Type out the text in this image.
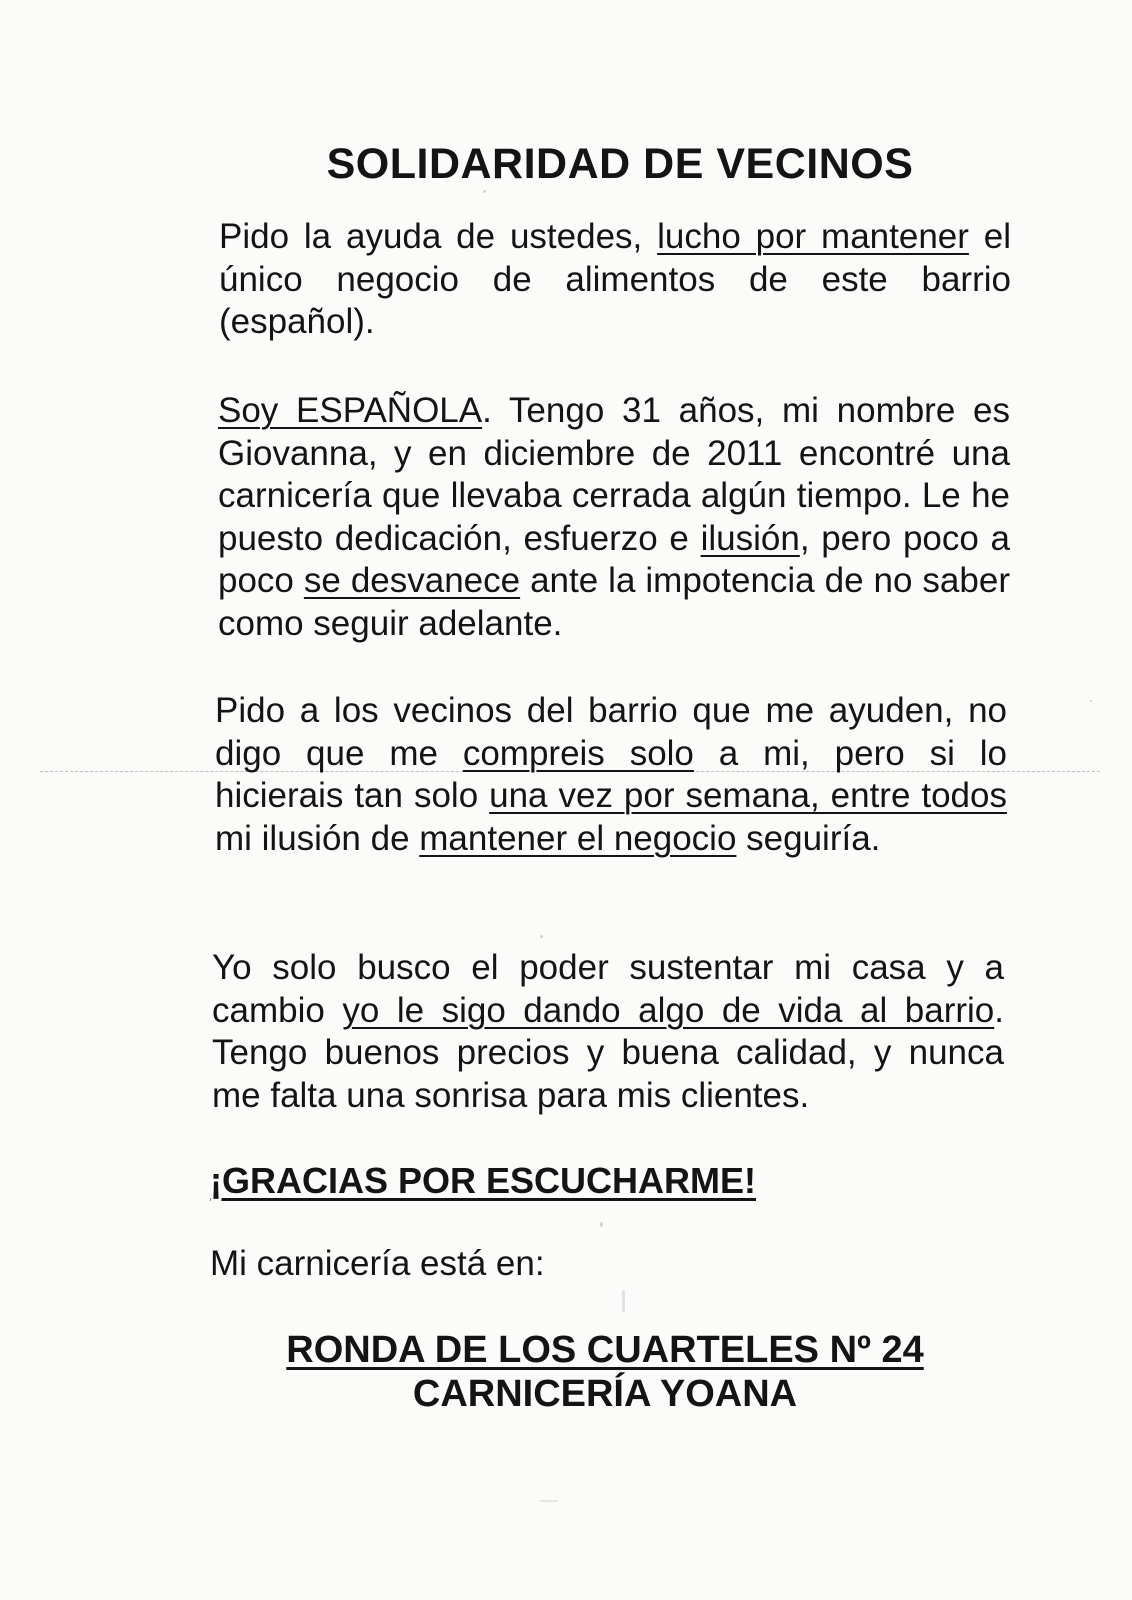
SOLIDARIDAD DE VECINOS

Pido la ayuda de ustedes, lucho por mantener el único negocio de alimentos de este barrio (español).

Soy ESPAÑOLA. Tengo 31 años, mi nombre es Giovanna, y en diciembre de 2011 encontré una carnicería que llevaba cerrada algún tiempo. Le he puesto dedicación, esfuerzo e ilusión, pero poco a poco se desvanece ante la impotencia de no saber como seguir adelante.

Pido a los vecinos del barrio que me ayuden, no digo que me compreis solo a mi, pero si lo hicierais tan solo una vez por semana, entre todos mi ilusión de mantener el negocio seguiría.

Yo solo busco el poder sustentar mi casa y a cambio yo le sigo dando algo de vida al barrio. Tengo buenos precios y buena calidad, y nunca me falta una sonrisa para mis clientes.

¡GRACIAS POR ESCUCHARME!

Mi carnicería está en:

RONDA DE LOS CUARTELES Nº 24
CARNICERÍA YOANA
